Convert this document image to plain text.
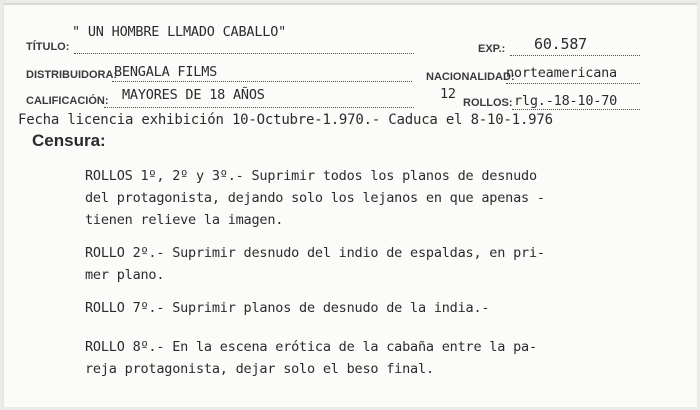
TÍTULO:
" UN HOMBRE LLMADO CABALLO"
EXP.: 60.587
DISTRIBUIDORA:
BENGALA FILMS	NACIONALIDAD:
norteamericana
CALIFICACIÓN: MAYORES DE 18 AÑOS	12
ROLLOS: rlg.-18-10-70
Fecha licencia exhibición 10-Octubre-1.970.- Caduca el 8-10-1.976
Censura:
ROLLOS 1º, 2º y 3º.- Suprimir todos los planos de desnudo
del protagonista, dejando solo los lejanos en que apenas -
tienen relieve la imagen.
ROLLO 2º.- Suprimir desnudo del indio de espaldas, en pri-
mer plano.
ROLLO 7º.- Suprimir planos de desnudo de la india.-
ROLLO 8º.- En la escena erótica de la cabaña entre la pa-
reja protagonista, dejar solo el beso final.
